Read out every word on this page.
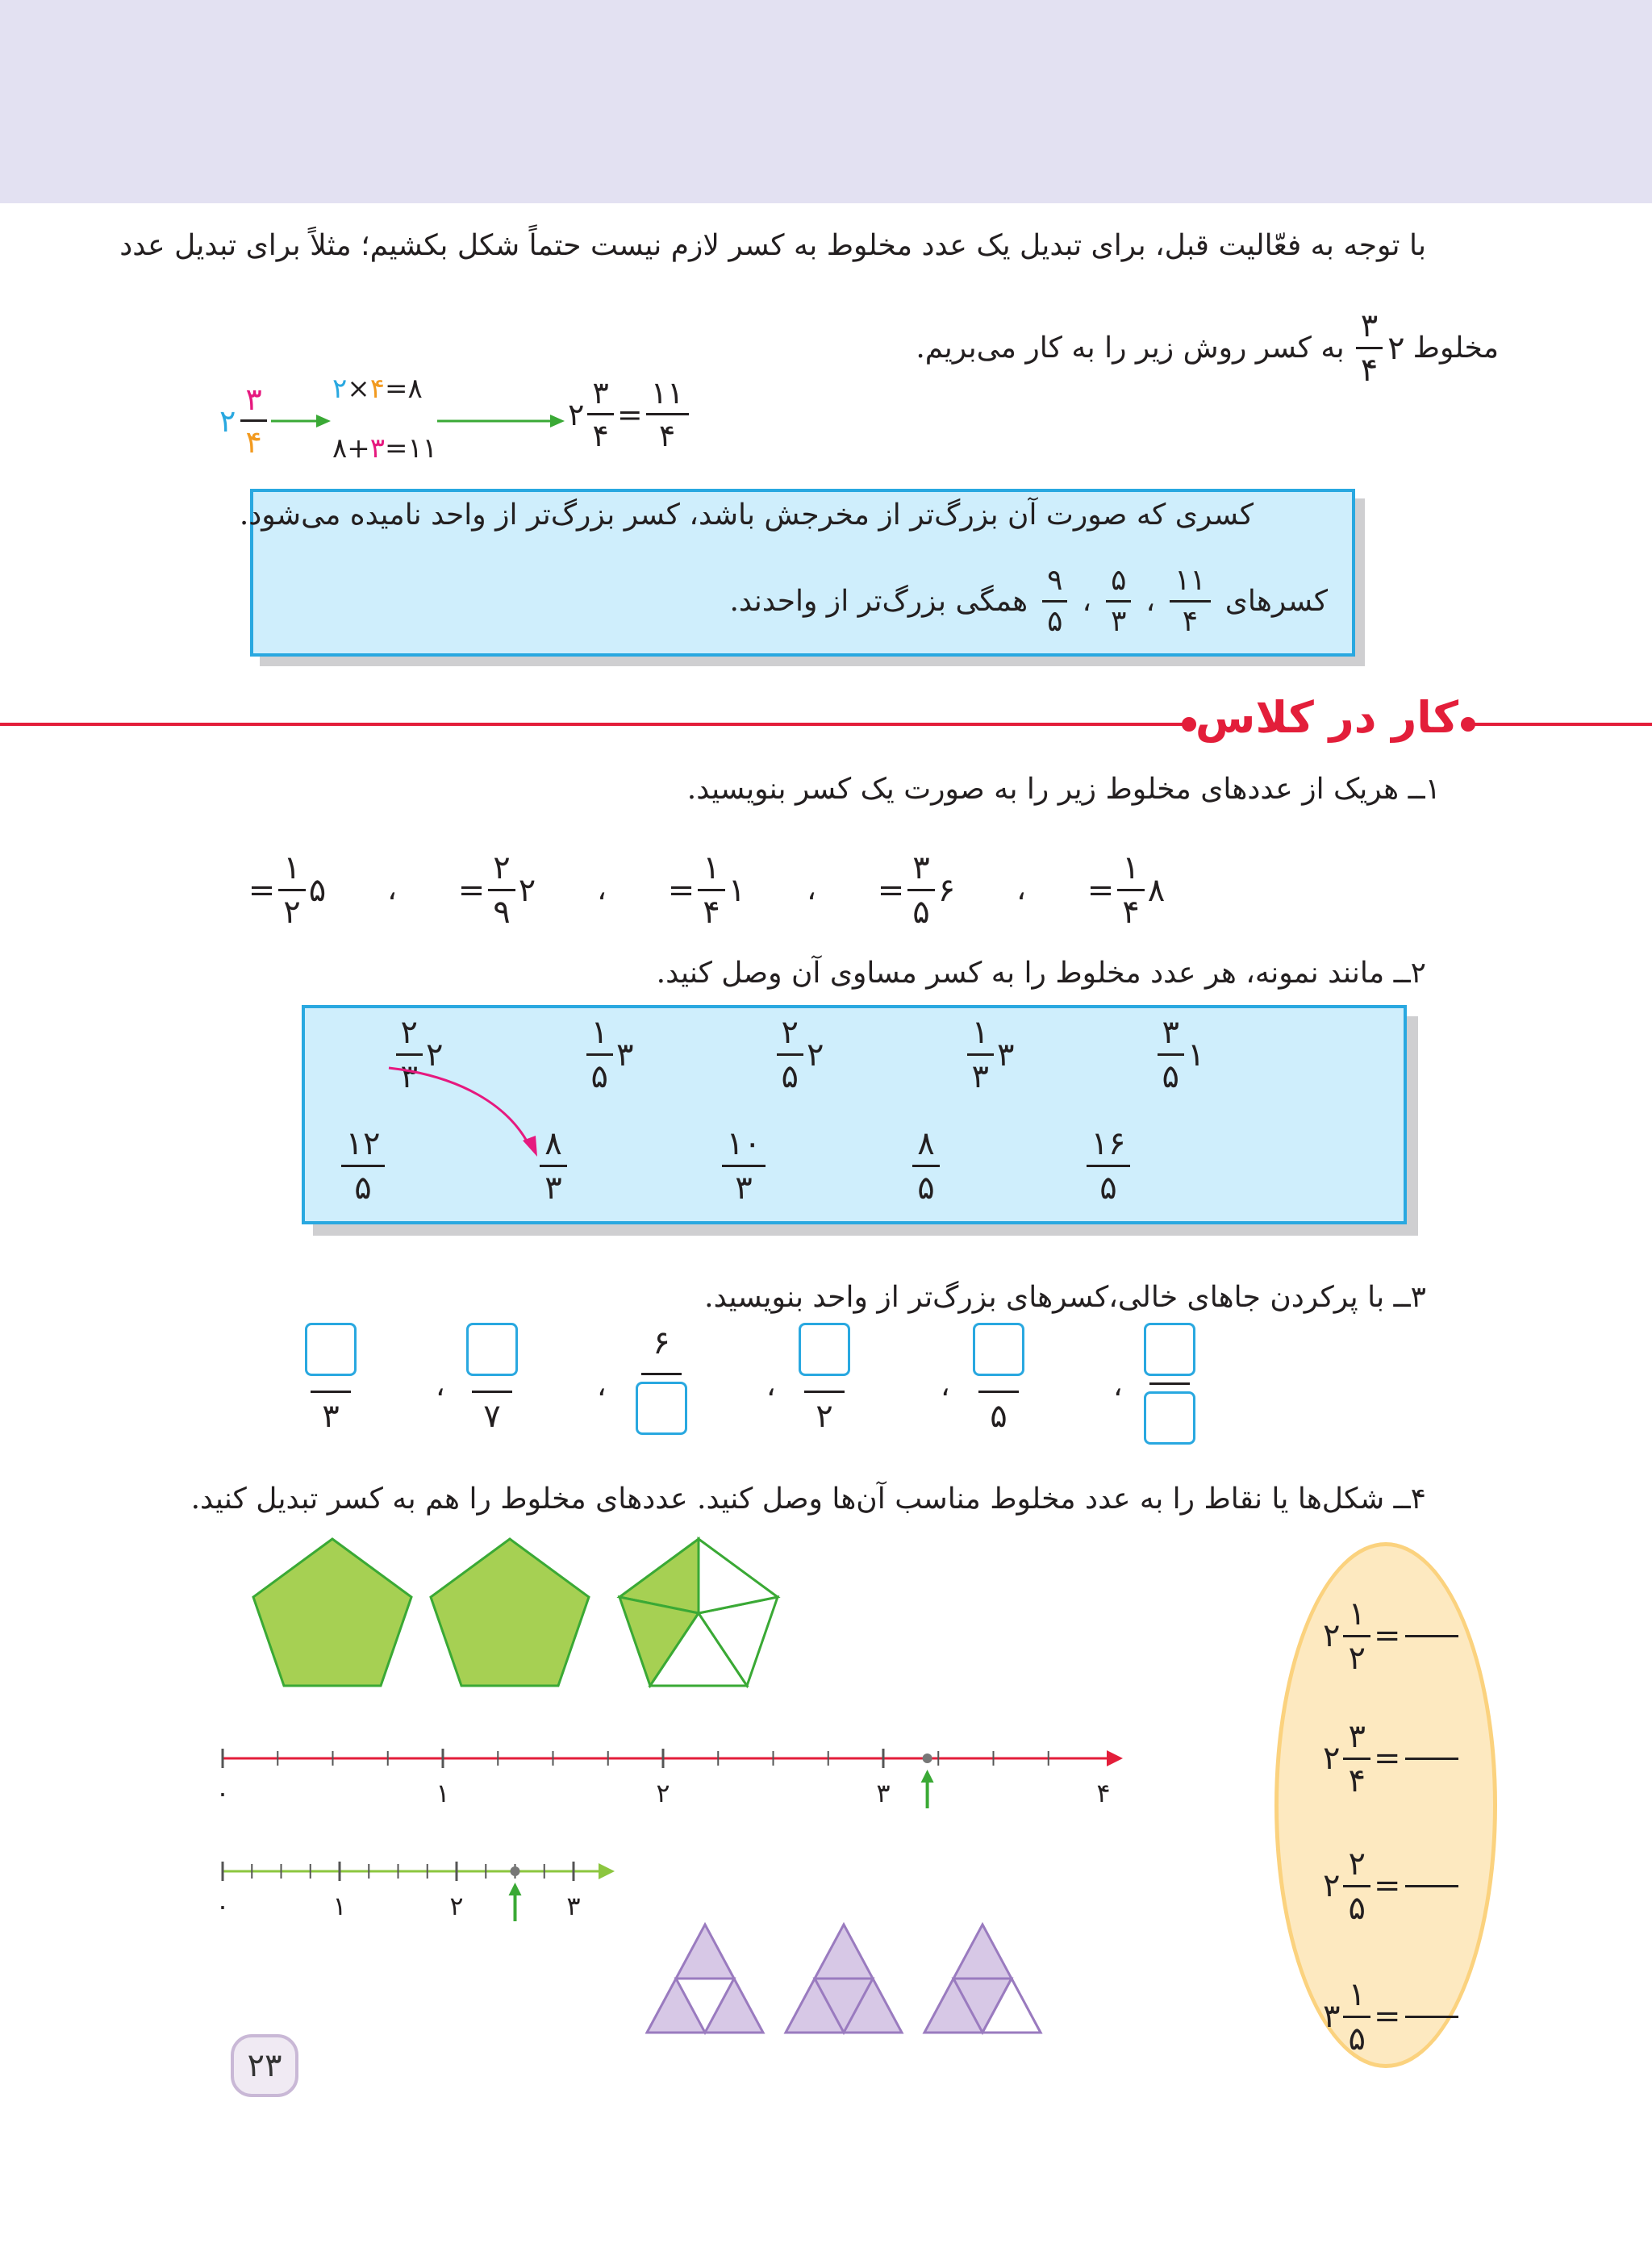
با توجه به فعّالیت قبل، برای تبدیل یک عدد مخلوط به کسر لازم نیست حتماً شکل بکشیم؛ مثلاً برای تبدیل عدد
مخلوط
۲
$\frac{۳}{۴}$
به کسر روش زیر را به کار می‌بریم.
۲ $\frac{۳}{۴}$ ۲×۴=۸
۸+۳=۱۱
۲ $\frac{۳}{۴} = \frac{۱۱}{۴}$
کسری که صورت آن بزرگ‌تر از مخرجش باشد، کسر بزرگ‌تر از واحد نامیده می‌شود.
کسرهای
$\frac{۱۱}{۴}$
،
$\frac{۵}{۳}$
،
$\frac{۹}{۵}$
همگی بزرگ‌تر از واحدند.
کار در کلاس
۱ــ هریک از عددهای مخلوط زیر را به صورت یک کسر بنویسید.
۸
$\frac{۱}{۴}$
=
،
۶
$\frac{۳}{۵}$
=
،
۱
$\frac{۱}{۴}$
=
،
۲
$\frac{۲}{۹}$
=
،
۵
$\frac{۱}{۲}$
=
۲ــ مانند نمونه، هر عدد مخلوط را به کسر مساوی آن وصل کنید.
۲
$\frac{۲}{۳}$	۳
$\frac{۱}{۵}$	۲
$\frac{۲}{۵}$	۳
$\frac{۱}{۳}$	۱
$\frac{۳}{۵}$
$\frac{۱۲}{۵}$	$\frac{۸}{۳}$	$\frac{۱۰}{۳}$	$\frac{۸}{۵}$	$\frac{۱۶}{۵}$
۳ــ با پرکردن جاهای خالی،کسرهای بزرگ‌تر از واحد بنویسید.
۳
،
۷
،
۶
،
۲
،
۵
،
۴ــ شکل‌ها یا نقاط را به عدد مخلوط مناسب آن‌ها وصل کنید. عددهای مخلوط را هم به کسر تبدیل کنید.
۰	۱	۲	۳	۴
۰	۱	۲	۳
۲ $\frac{۱}{۲}$ =
۲ $\frac{۳}{۴}$ =
۲ $\frac{۲}{۵}$ =
۳ $\frac{۱}{۵}$ =
۲۳
